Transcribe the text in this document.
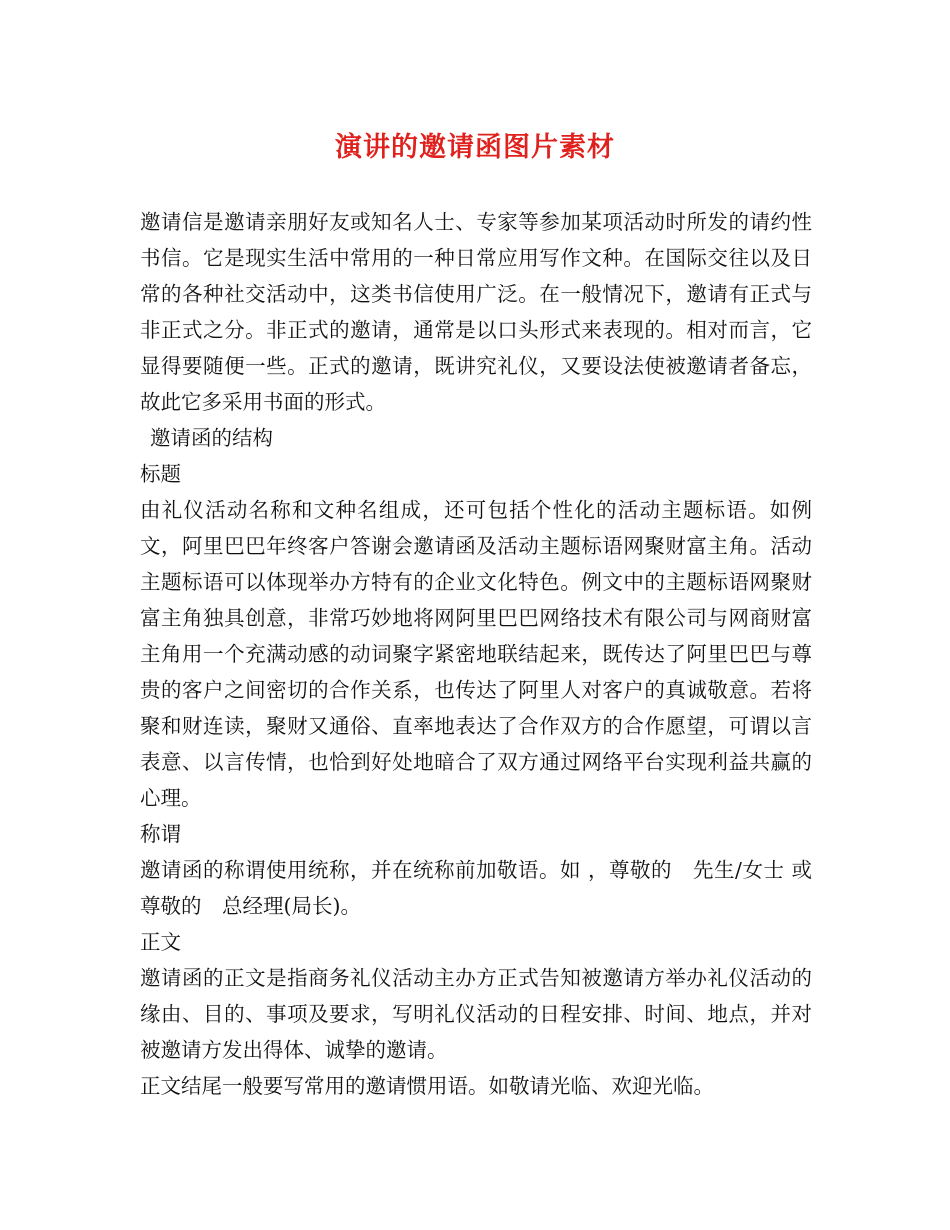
演讲的邀请函图片素材

邀请信是邀请亲朋好友或知名人士、专家等参加某项活动时所发的请约性书信。它是现实生活中常用的一种日常应用写作文种。在国际交往以及日常的各种社交活动中，这类书信使用广泛。在一般情况下，邀请有正式与非正式之分。非正式的邀请，通常是以口头形式来表现的。相对而言，它显得要随便一些。正式的邀请，既讲究礼仪，又要设法使被邀请者备忘，故此它多采用书面的形式。

邀请函的结构

标题

由礼仪活动名称和文种名组成，还可包括个性化的活动主题标语。如例文，阿里巴巴年终客户答谢会邀请函及活动主题标语网聚财富主角。活动主题标语可以体现举办方特有的企业文化特色。例文中的主题标语网聚财富主角独具创意，非常巧妙地将网阿里巴巴网络技术有限公司与网商财富主角用一个充满动感的动词聚字紧密地联结起来，既传达了阿里巴巴与尊贵的客户之间密切的合作关系，也传达了阿里人对客户的真诚敬意。若将聚和财连读，聚财又通俗、直率地表达了合作双方的合作愿望，可谓以言表意、以言传情，也恰到好处地暗合了双方通过网络平台实现利益共赢的心理。

称谓

邀请函的称谓使用统称，并在统称前加敬语。如 ，尊敬的　先生/女士 或尊敬的　总经理(局长)。

正文

邀请函的正文是指商务礼仪活动主办方正式告知被邀请方举办礼仪活动的缘由、目的、事项及要求，写明礼仪活动的日程安排、时间、地点，并对被邀请方发出得体、诚挚的邀请。

正文结尾一般要写常用的邀请惯用语。如敬请光临、欢迎光临。
